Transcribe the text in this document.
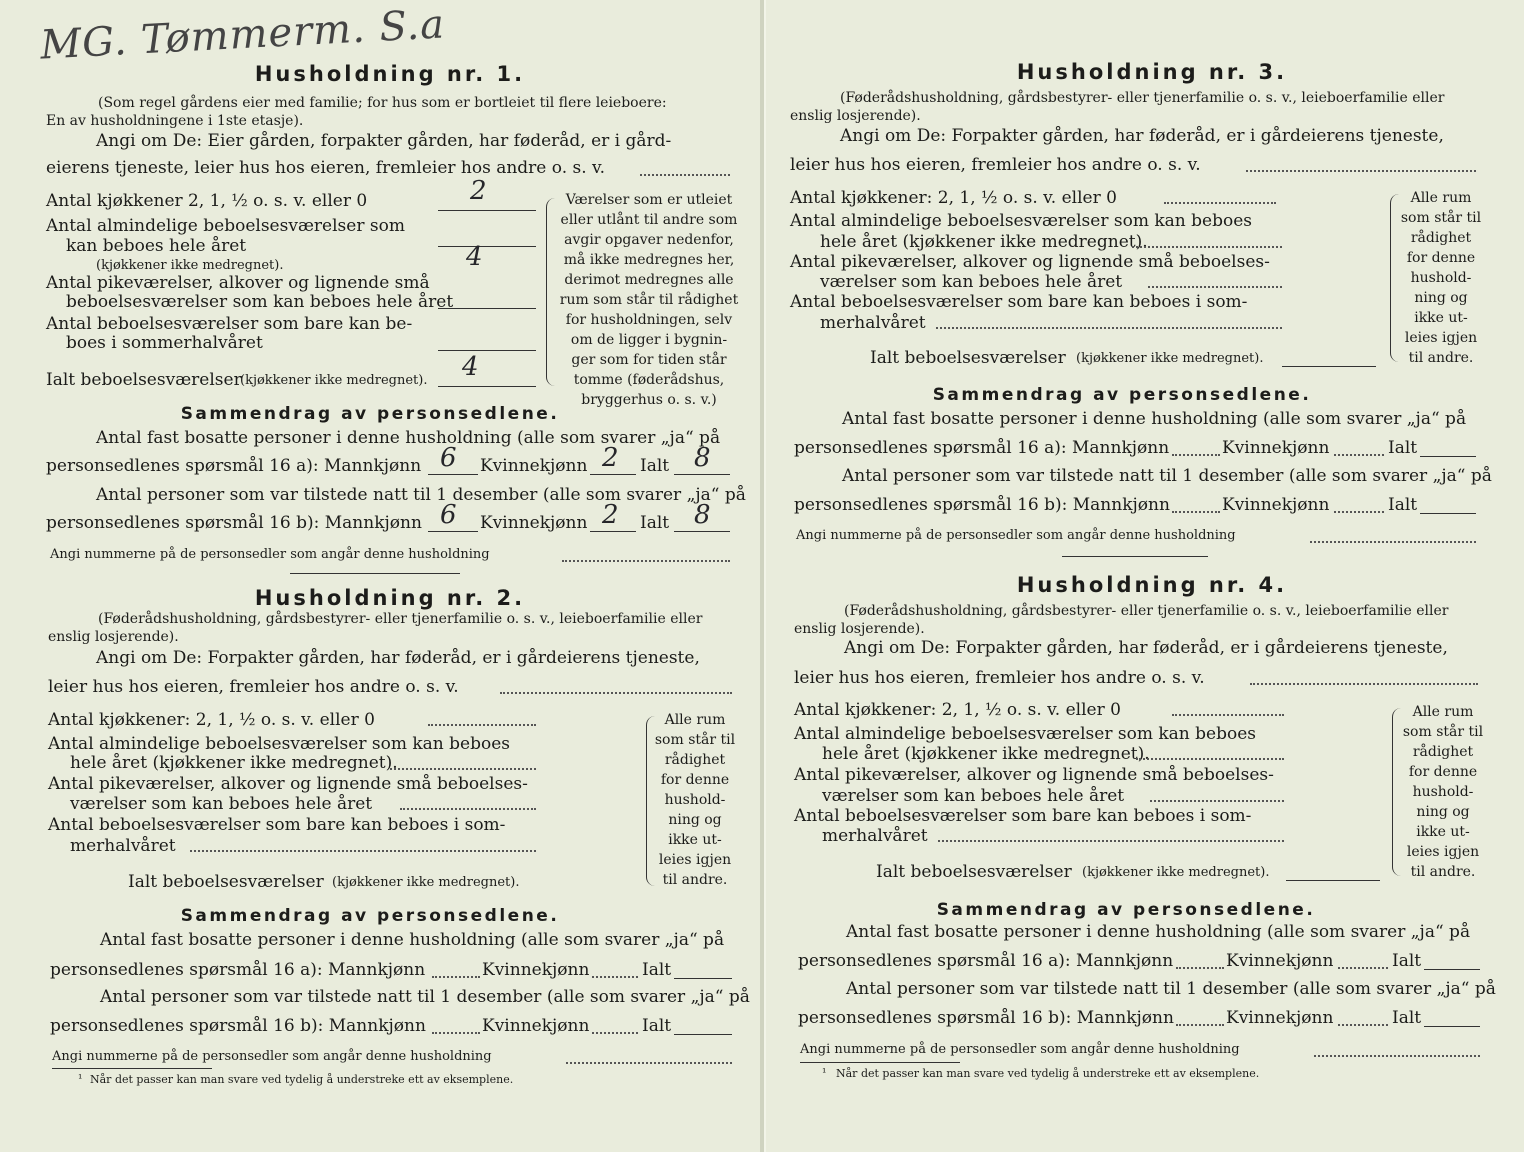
MG. Tømmerm. S.a
Husholdning nr. 1.
(Som regel gårdens eier med familie; for hus som er bortleiet til flere leieboere:
En av husholdningene i 1ste etasje).
Angi om De: Eier gården, forpakter gården, har føderåd, er i gård-
eierens tjeneste, leier hus hos eieren, fremleier hos andre o. s. v.
Antal kjøkkener 2, 1, ½ o. s. v. eller 0	2
Antal almindelige beboelsesværelser som
kan beboes hele året
(kjøkkener ikke medregnet).	4
Antal pikeværelser, alkover og lignende små
beboelsesværelser som kan beboes hele året
Antal beboelsesværelser som bare kan be-
boes i sommerhalvåret
Ialt beboelsesværelser
(kjøkkener ikke medregnet). 4
Værelser som er utleiet
eller utlånt til andre som
avgir opgaver nedenfor,
må ikke medregnes her,
derimot medregnes alle
rum som står til rådighet
for husholdningen, selv
om de ligger i bygnin-
ger som for tiden står
tomme (føderådshus,
bryggerhus o. s. v.)
Sammendrag av personsedlene.
Antal fast bosatte personer i denne husholdning (alle som svarer „ja“ på
personsedlenes spørsmål 16 a): Mannkjønn 6 Kvinnekjønn 2 Ialt 8
Antal personer som var tilstede natt til 1 desember (alle som svarer „ja“ på
personsedlenes spørsmål 16 b): Mannkjønn 6 Kvinnekjønn 2 Ialt 8
Angi nummerne på de personsedler som angår denne husholdning
Husholdning nr. 2.
(Føderådshusholdning, gårdsbestyrer- eller tjenerfamilie o. s. v., leieboerfamilie eller
enslig losjerende).
Angi om De: Forpakter gården, har føderåd, er i gårdeierens tjeneste,
leier hus hos eieren, fremleier hos andre o. s. v.
Antal kjøkkener: 2, 1, ½ o. s. v. eller 0
Antal almindelige beboelsesværelser som kan beboes
hele året (kjøkkener ikke medregnet).
Antal pikeværelser, alkover og lignende små beboelses-
værelser som kan beboes hele året
Antal beboelsesværelser som bare kan beboes i som-
merhalvåret
Ialt beboelsesværelser (kjøkkener ikke medregnet).
Alle rum
som står til
rådighet
for denne
hushold-
ning og
ikke ut-
leies igjen
til andre.
Sammendrag av personsedlene.
Antal fast bosatte personer i denne husholdning (alle som svarer „ja“ på
personsedlenes spørsmål 16 a): Mannkjønn	Kvinnekjønn	Ialt
Antal personer som var tilstede natt til 1 desember (alle som svarer „ja“ på
personsedlenes spørsmål 16 b): Mannkjønn	Kvinnekjønn	Ialt
Angi nummerne på de personsedler som angår denne husholdning
¹ Når det passer kan man svare ved tydelig å understreke ett av eksemplene.
Husholdning nr. 3.
(Føderådshusholdning, gårdsbestyrer- eller tjenerfamilie o. s. v., leieboerfamilie eller
enslig losjerende).
Angi om De: Forpakter gården, har føderåd, er i gårdeierens tjeneste,
leier hus hos eieren, fremleier hos andre o. s. v.
Antal kjøkkener: 2, 1, ½ o. s. v. eller 0
Antal almindelige beboelsesværelser som kan beboes
hele året (kjøkkener ikke medregnet).
Antal pikeværelser, alkover og lignende små beboelses-
værelser som kan beboes hele året
Antal beboelsesværelser som bare kan beboes i som-
merhalvåret
Ialt beboelsesværelser (kjøkkener ikke medregnet).
Alle rum
som står til
rådighet
for denne
hushold-
ning og
ikke ut-
leies igjen
til andre.
Sammendrag av personsedlene.
Antal fast bosatte personer i denne husholdning (alle som svarer „ja“ på
personsedlenes spørsmål 16 a): Mannkjønn	Kvinnekjønn	Ialt
Antal personer som var tilstede natt til 1 desember (alle som svarer „ja“ på
personsedlenes spørsmål 16 b): Mannkjønn	Kvinnekjønn	Ialt
Angi nummerne på de personsedler som angår denne husholdning
Husholdning nr. 4.
(Føderådshusholdning, gårdsbestyrer- eller tjenerfamilie o. s. v., leieboerfamilie eller
enslig losjerende).
Angi om De: Forpakter gården, har føderåd, er i gårdeierens tjeneste,
leier hus hos eieren, fremleier hos andre o. s. v.
Antal kjøkkener: 2, 1, ½ o. s. v. eller 0
Antal almindelige beboelsesværelser som kan beboes
hele året (kjøkkener ikke medregnet).
Antal pikeværelser, alkover og lignende små beboelses-
værelser som kan beboes hele året
Antal beboelsesværelser som bare kan beboes i som-
merhalvåret
Ialt beboelsesværelser (kjøkkener ikke medregnet).
Alle rum
som står til
rådighet
for denne
hushold-
ning og
ikke ut-
leies igjen
til andre.
Sammendrag av personsedlene.
Antal fast bosatte personer i denne husholdning (alle som svarer „ja“ på
personsedlenes spørsmål 16 a): Mannkjønn	Kvinnekjønn	Ialt
Antal personer som var tilstede natt til 1 desember (alle som svarer „ja“ på
personsedlenes spørsmål 16 b): Mannkjønn	Kvinnekjønn	Ialt
Angi nummerne på de personsedler som angår denne husholdning
¹ Når det passer kan man svare ved tydelig å understreke ett av eksemplene.
